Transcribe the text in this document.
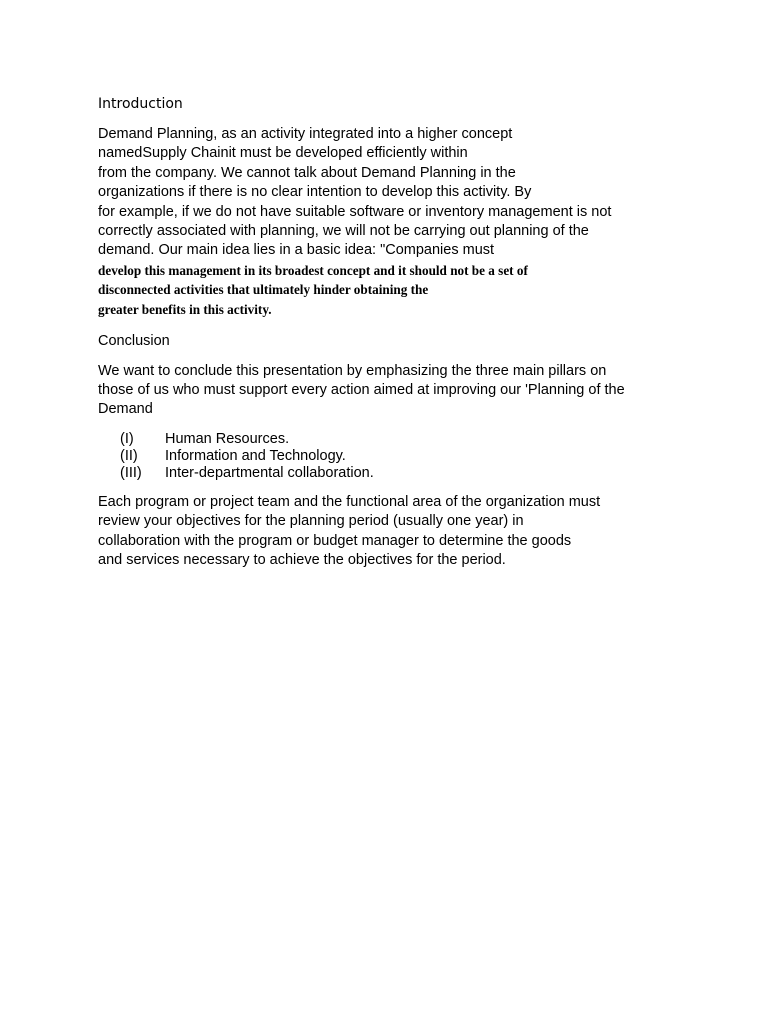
Introduction
Demand Planning, as an activity integrated into a higher concept
namedSupply Chainit must be developed efficiently within
from the company. We cannot talk about Demand Planning in the
organizations if there is no clear intention to develop this activity. By
for example, if we do not have suitable software or inventory management is not
correctly associated with planning, we will not be carrying out planning of the
demand. Our main idea lies in a basic idea: "Companies must
develop this management in its broadest concept and it should not be a set of
disconnected activities that ultimately hinder obtaining the
greater benefits in this activity.
Conclusion
We want to conclude this presentation by emphasizing the three main pillars on
those of us who must support every action aimed at improving our 'Planning of the
Demand
(I)	Human Resources.
(II)	Information and Technology.
(III)	Inter-departmental collaboration.
Each program or project team and the functional area of the organization must
review your objectives for the planning period (usually one year) in
collaboration with the program or budget manager to determine the goods
and services necessary to achieve the objectives for the period.
